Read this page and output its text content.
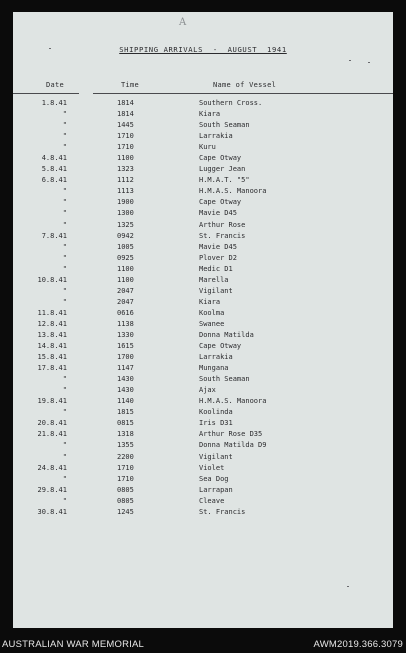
A
SHIPPING ARRIVALS  -  AUGUST  1941
Date	Time	Name of Vessel
1.8.41	1814	Southern Cross.
"	1814	Kiara
"	1445	South Seaman
"	1710	Larrakia
"	1710	Kuru
4.8.41	1100	Cape Otway
5.8.41	1323	Lugger Jean
6.8.41	1112	H.M.A.T. "5"
"	1113	H.M.A.S. Manoora
"	1900	Cape Otway
"	1300	Mavie D45
"	1325	Arthur Rose
7.8.41	0942	St. Francis
"	1005	Mavie D45
"	0925	Plover D2
"	1100	Medic D1
10.8.41	1100	Marella
"	2047	Vigilant
"	2047	Kiara
11.8.41	0616	Koolma
12.8.41	1138	Swanee
13.8.41	1330	Donna Matilda
14.8.41	1615	Cape Otway
15.8.41	1700	Larrakia
17.8.41	1147	Mungana
"	1430	South Seaman
"	1430	Ajax
19.8.41	1140	H.M.A.S. Manoora
"	1815	Koolinda
20.8.41	0815	Iris D31
21.8.41	1318	Arthur Rose D35
"	1355	Donna Matilda D9
"	2200	Vigilant
24.8.41	1710	Violet
"	1710	Sea Dog
29.8.41	0805	Larrapan
"	0805	Cleave
30.8.41	1245	St. Francis
AUSTRALIAN WAR MEMORIAL	AWM2019.366.3079
